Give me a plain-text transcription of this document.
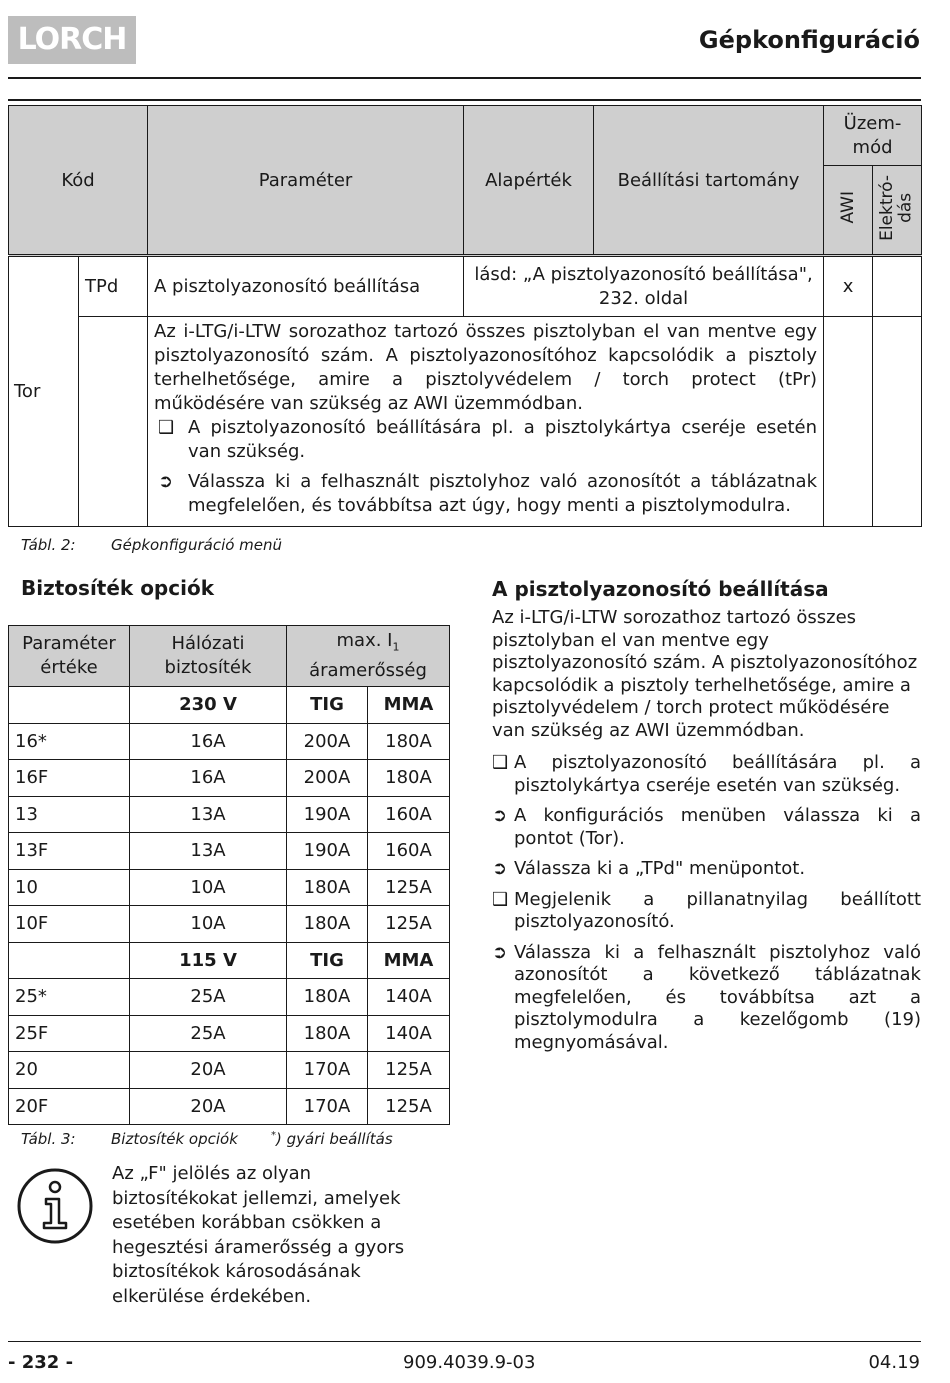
LORCH	Gépkonfiguráció
Kód		Paraméter	Alapérték	Beállítási tartomány	Üzem-
mód	
					AWI	Elektró-
dás
Tor	TPd	A pisztolyazonosító beállítása	lásd: „A pisztolyazonosító beállítása", 232. oldal		x	

		Az i-LTG/i-LTW sorozathoz tartozó összes pisztolyban el van mentve egy pisztolyazonosító szám. A pisztolyazonosítóhoz kapcsolódik a pisztoly terhelhetősége, amire a pisztolyvédelem / torch protect (tPr) működésére van szükség az AWI üzemmódban.

❑ A pisztolyazonosító beállítására pl. a pisztolykártya cseréje esetén van szükség.
➲ Válassza ki a felhasznált pisztolyhoz való azonosítót a táblázatnak megfelelően, és továbbítsa azt úgy, hogy menti a pisztolymodulra.				

Tábl. 2: Gépkonfiguráció menü
Biztosíték opciók
Paraméter értéke	Hálózati biztosíték	max. $I_1$ áramerősség	
	230 V	TIG	MMA
16*	16A	200A	180A
16F	16A	200A	180A
13	13A	190A	160A
13F	13A	190A	160A
10	10A	180A	125A
10F	10A	180A	125A
	115 V	TIG	MMA
25*	25A	180A	140A
25F	25A	180A	140A
20	20A	170A	125A
20F	20A	170A	125A
Tábl. 3: Biztosíték opciók	*) gyári beállítás
Az „F" jelölés az olyan biztosítékokat jellemzi, amelyek esetében korábban csökken a hegesztési áramerősség a gyors biztosítékok károsodásának elkerülése érdekében.
A pisztolyazonosító beállítása

Az i-LTG/i-LTW sorozathoz tartozó összes pisztolyban el van mentve egy pisztolyazonosító szám. A pisztolyazonosítóhoz kapcsolódik a pisztoly terhelhetősége, amire a pisztolyvédelem / torch protect működésére van szükség az AWI üzemmódban.

❑ A pisztolyazonosító beállítására pl. a pisztolykártya cseréje esetén van szükség.
➲ A konfigurációs menüben válassza ki a pontot (Tor).
➲ Válassza ki a „TPd" menüpontot.
❑ Megjelenik a pillanatnyilag beállított pisztolyazonosító.
➲ Válassza ki a felhasznált pisztolyhoz való azonosítót a következő táblázatnak megfelelően, és továbbítsa azt a pisztolymodulra a kezelőgomb (19) megnyomásával.
- 232 -	909.4039.9-03	04.19
